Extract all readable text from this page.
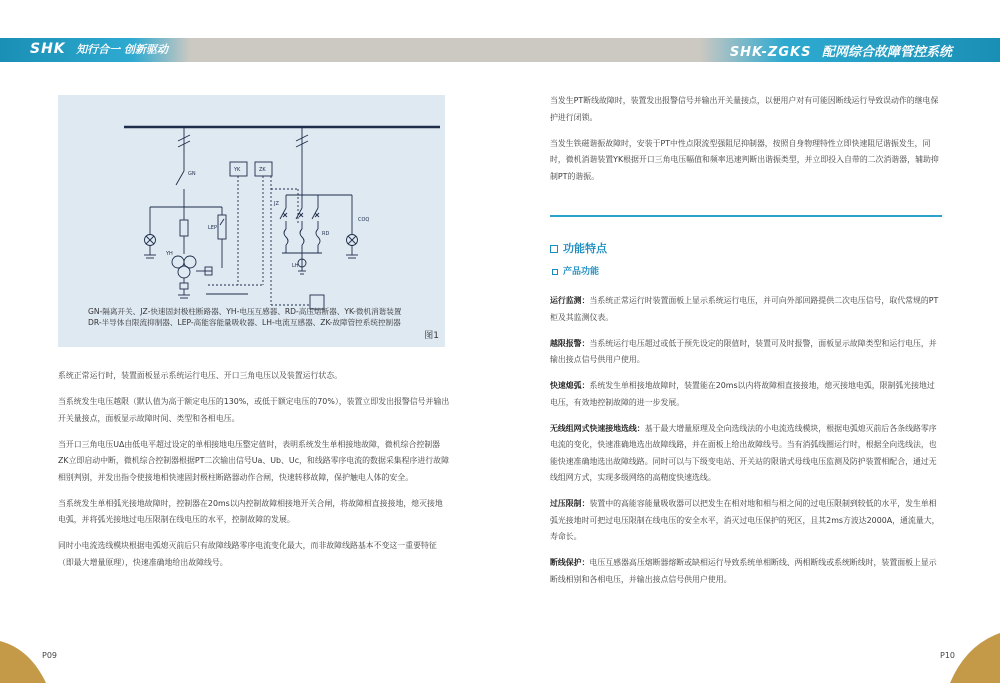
SHK 知行合一 创新驱动	SHK-ZGKS 配网综合故障管控系统
GN
YK	ZK
JZ
RD
LEP
YH
COQ
LH
GN-隔离开关、JZ-快速固封极柱断路器、YH-电压互感器、RD-高压熔断器、YK-微机消谐装置
DR-半导体自限流抑制器、LEP-高能容能量吸收器、LH-电流互感器、ZK-故障管控系统控制器
图1

系统正常运行时，装置面板显示系统运行电压、开口三角电压以及装置运行状态。

当系统发生电压越限（默认值为高于额定电压的130%，或低于额定电压的70%），装置立即发出报警信号并输出开关量接点，面板显示故障时间、类型和各相电压。

当开口三角电压UΔ由低电平超过设定的单相接地电压整定值时，表明系统发生单相接地故障，微机综合控制器ZK立即启动中断，微机综合控制器根据PT二次输出信号Ua、Ub、Uc，和线路零序电流的数据采集程序进行故障相别判别，并发出指令使接地相快速固封极柱断路器动作合闸，快速转移故障，保护触电人体的安全。

当系统发生单相弧光接地故障时，控制器在20ms以内控制故障相接地开关合闸，将故障相直接接地，熄灭接地电弧，并将弧光接地过电压限制在线电压的水平，控制故障的发展。

同时小电流选线模块根据电弧熄灭前后只有故障线路零序电流变化最大，而非故障线路基本不变这一重要特征（即最大增量原理），快速准确地给出故障线号。

当发生PT断线故障时，装置发出报警信号并输出开关量接点，以便用户对有可能因断线运行导致误动作的继电保护进行闭锁。

当发生铁磁谐振故障时，安装于PT中性点限流型强阻尼抑制器，按照自身物理特性立即快速阻尼谐振发生，同时，微机消谐装置YK根据开口三角电压幅值和频率迅速判断出谐振类型，并立即投入自带的二次消谐器，辅助抑制PT的谐振。

功能特点
产品功能

运行监测：当系统正常运行时装置面板上显示系统运行电压，并可向外部回路提供二次电压信号，取代常规的PT柜及其监测仪表。

越限报警：当系统运行电压超过或低于预先设定的限值时，装置可及时报警，面板显示故障类型和运行电压，并输出接点信号供用户使用。

快速熄弧：系统发生单相接地故障时，装置能在20ms以内将故障相直接接地，熄灭接地电弧，限制弧光接地过电压，有效地控制故障的进一步发展。

无线组网式快速接地选线：基于最大增量原理及全向选线法的小电流选线模块，根据电弧熄灭前后各条线路零序电流的变化，快速准确地选出故障线路，并在面板上给出故障线号。当有消弧线圈运行时，根据全向选线法，也能快速准确地选出故障线路。同时可以与下级变电站、开关站的限谐式母线电压监测及防护装置相配合，通过无线组网方式，实现多级网络的高精度快速选线。

过压限制：装置中的高能容能量吸收器可以把发生在相对地和相与相之间的过电压限制到较低的水平，发生单相弧光接地时可把过电压限制在线电压的安全水平，消灭过电压保护的死区，且其2ms方波达2000A，通流量大，寿命长。

断线保护：电压互感器高压熔断器熔断或缺相运行导致系统单相断线、两相断线或系统断线时，装置面板上显示断线相别和各相电压，并输出接点信号供用户使用。

P09	P10
